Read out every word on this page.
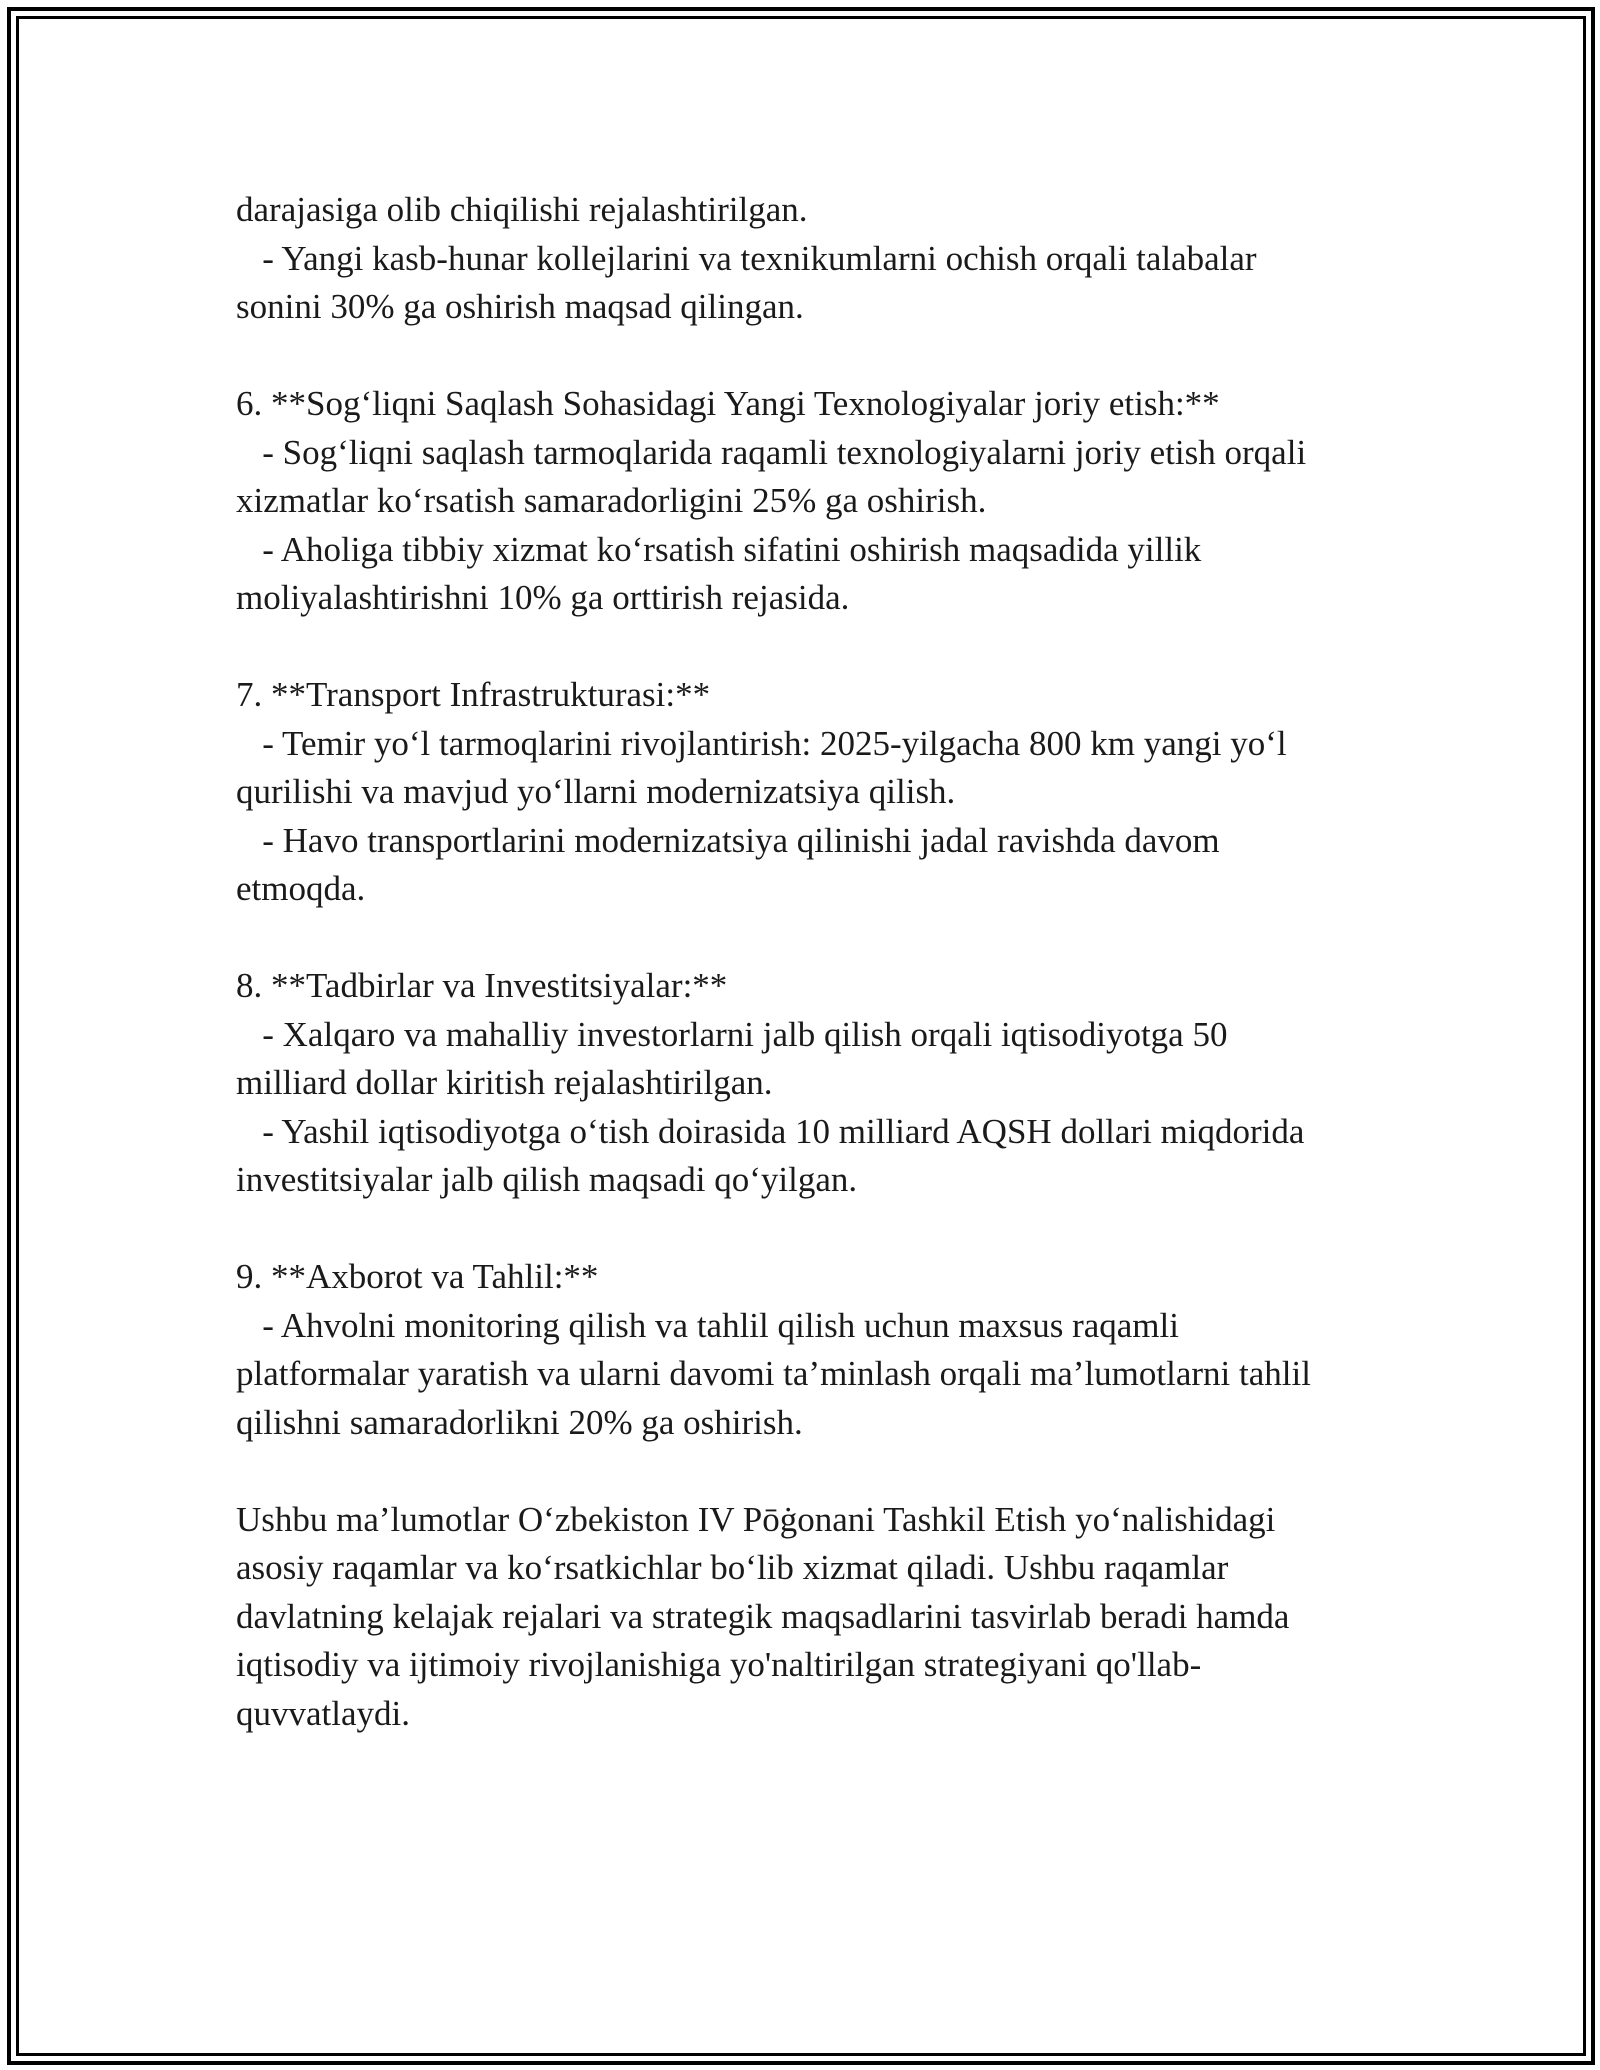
darajasiga olib chiqilishi rejalashtirilgan.
- Yangi kasb-hunar kollejlarini va texnikumlarni ochish orqali talabalar
sonini 30% ga oshirish maqsad qilingan.
6. **Sog‘liqni Saqlash Sohasidagi Yangi Texnologiyalar joriy etish:**
- Sog‘liqni saqlash tarmoqlarida raqamli texnologiyalarni joriy etish orqali
xizmatlar ko‘rsatish samaradorligini 25% ga oshirish.
- Aholiga tibbiy xizmat ko‘rsatish sifatini oshirish maqsadida yillik
moliyalashtirishni 10% ga orttirish rejasida.
7. **Transport Infrastrukturasi:**
- Temir yo‘l tarmoqlarini rivojlantirish: 2025-yilgacha 800 km yangi yo‘l
qurilishi va mavjud yo‘llarni modernizatsiya qilish.
- Havo transportlarini modernizatsiya qilinishi jadal ravishda davom
etmoqda.
8. **Tadbirlar va Investitsiyalar:**
- Xalqaro va mahalliy investorlarni jalb qilish orqali iqtisodiyotga 50
milliard dollar kiritish rejalashtirilgan.
- Yashil iqtisodiyotga o‘tish doirasida 10 milliard AQSH dollari miqdorida
investitsiyalar jalb qilish maqsadi qo‘yilgan.
9. **Axborot va Tahlil:**
- Ahvolni monitoring qilish va tahlil qilish uchun maxsus raqamli
platformalar yaratish va ularni davomi ta’minlash orqali ma’lumotlarni tahlil
qilishni samaradorlikni 20% ga oshirish.
Ushbu ma’lumotlar O‘zbekiston IV Pōġonani Tashkil Etish yo‘nalishidagi
asosiy raqamlar va ko‘rsatkichlar bo‘lib xizmat qiladi. Ushbu raqamlar
davlatning kelajak rejalari va strategik maqsadlarini tasvirlab beradi hamda
iqtisodiy va ijtimoiy rivojlanishiga yo'naltirilgan strategiyani qo'llab-
quvvatlaydi.
